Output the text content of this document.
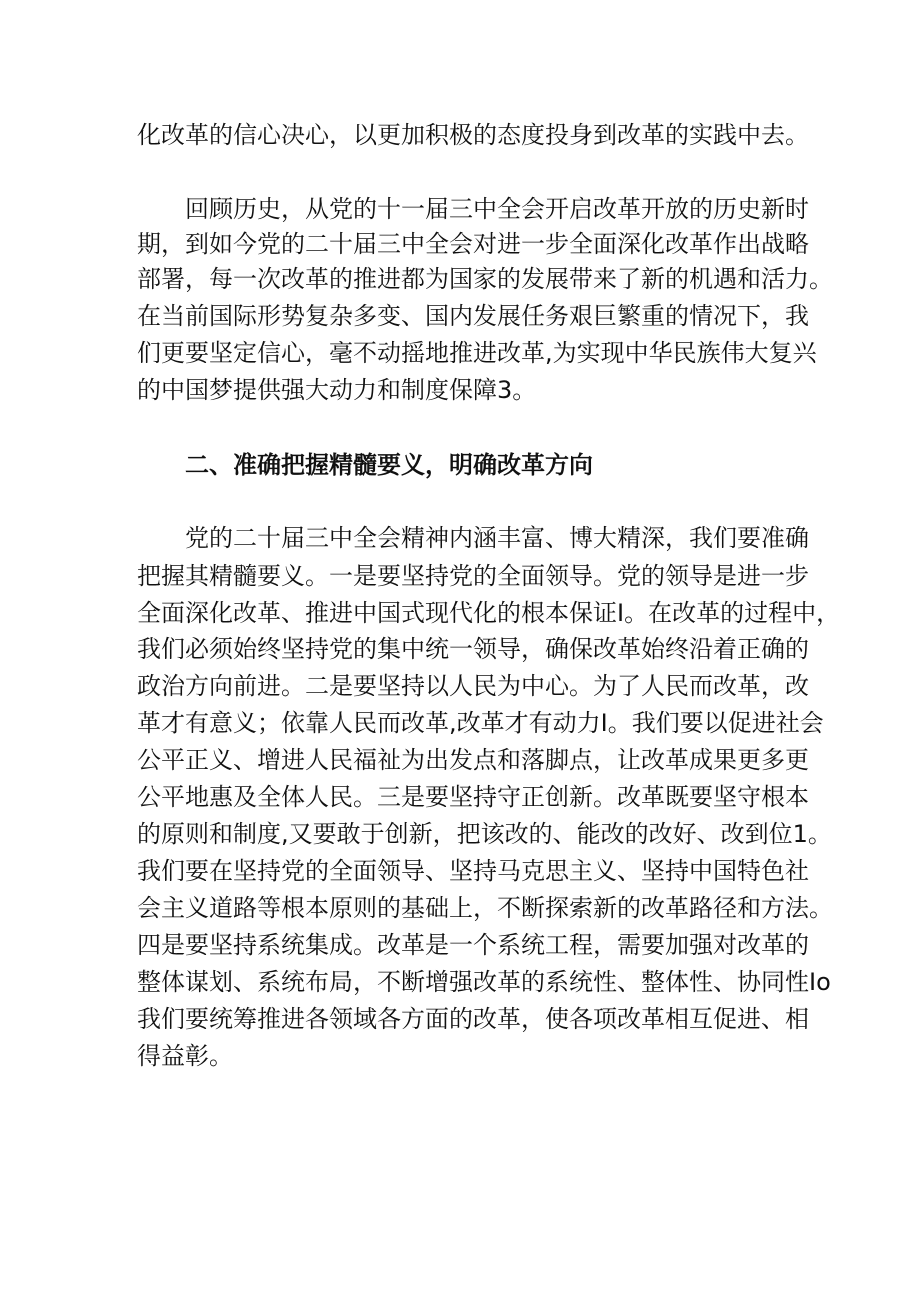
化改革的信心决心，以更加积极的态度投身到改革的实践中去。
回顾历史，从党的十一届三中全会开启改革开放的历史新时
期，到如今党的二十届三中全会对进一步全面深化改革作出战略
部署，每一次改革的推进都为国家的发展带来了新的机遇和活力。
在当前国际形势复杂多变、国内发展任务艰巨繁重的情况下，我
们更要坚定信心，毫不动摇地推进改革,为实现中华民族伟大复兴
的中国梦提供强大动力和制度保障3。
二、准确把握精髓要义，明确改革方向
党的二十届三中全会精神内涵丰富、博大精深，我们要准确
把握其精髓要义。一是要坚持党的全面领导。党的领导是进一步
全面深化改革、推进中国式现代化的根本保证I。在改革的过程中，
我们必须始终坚持党的集中统一领导，确保改革始终沿着正确的
政治方向前进。二是要坚持以人民为中心。为了人民而改革，改
革才有意义；依靠人民而改革,改革才有动力I。我们要以促进社会
公平正义、增进人民福祉为出发点和落脚点，让改革成果更多更
公平地惠及全体人民。三是要坚持守正创新。改革既要坚守根本
的原则和制度,又要敢于创新，把该改的、能改的改好、改到位1。
我们要在坚持党的全面领导、坚持马克思主义、坚持中国特色社
会主义道路等根本原则的基础上，不断探索新的改革路径和方法。
四是要坚持系统集成。改革是一个系统工程，需要加强对改革的
整体谋划、系统布局，不断增强改革的系统性、整体性、协同性Io
我们要统筹推进各领域各方面的改革，使各项改革相互促进、相
得益彰。
